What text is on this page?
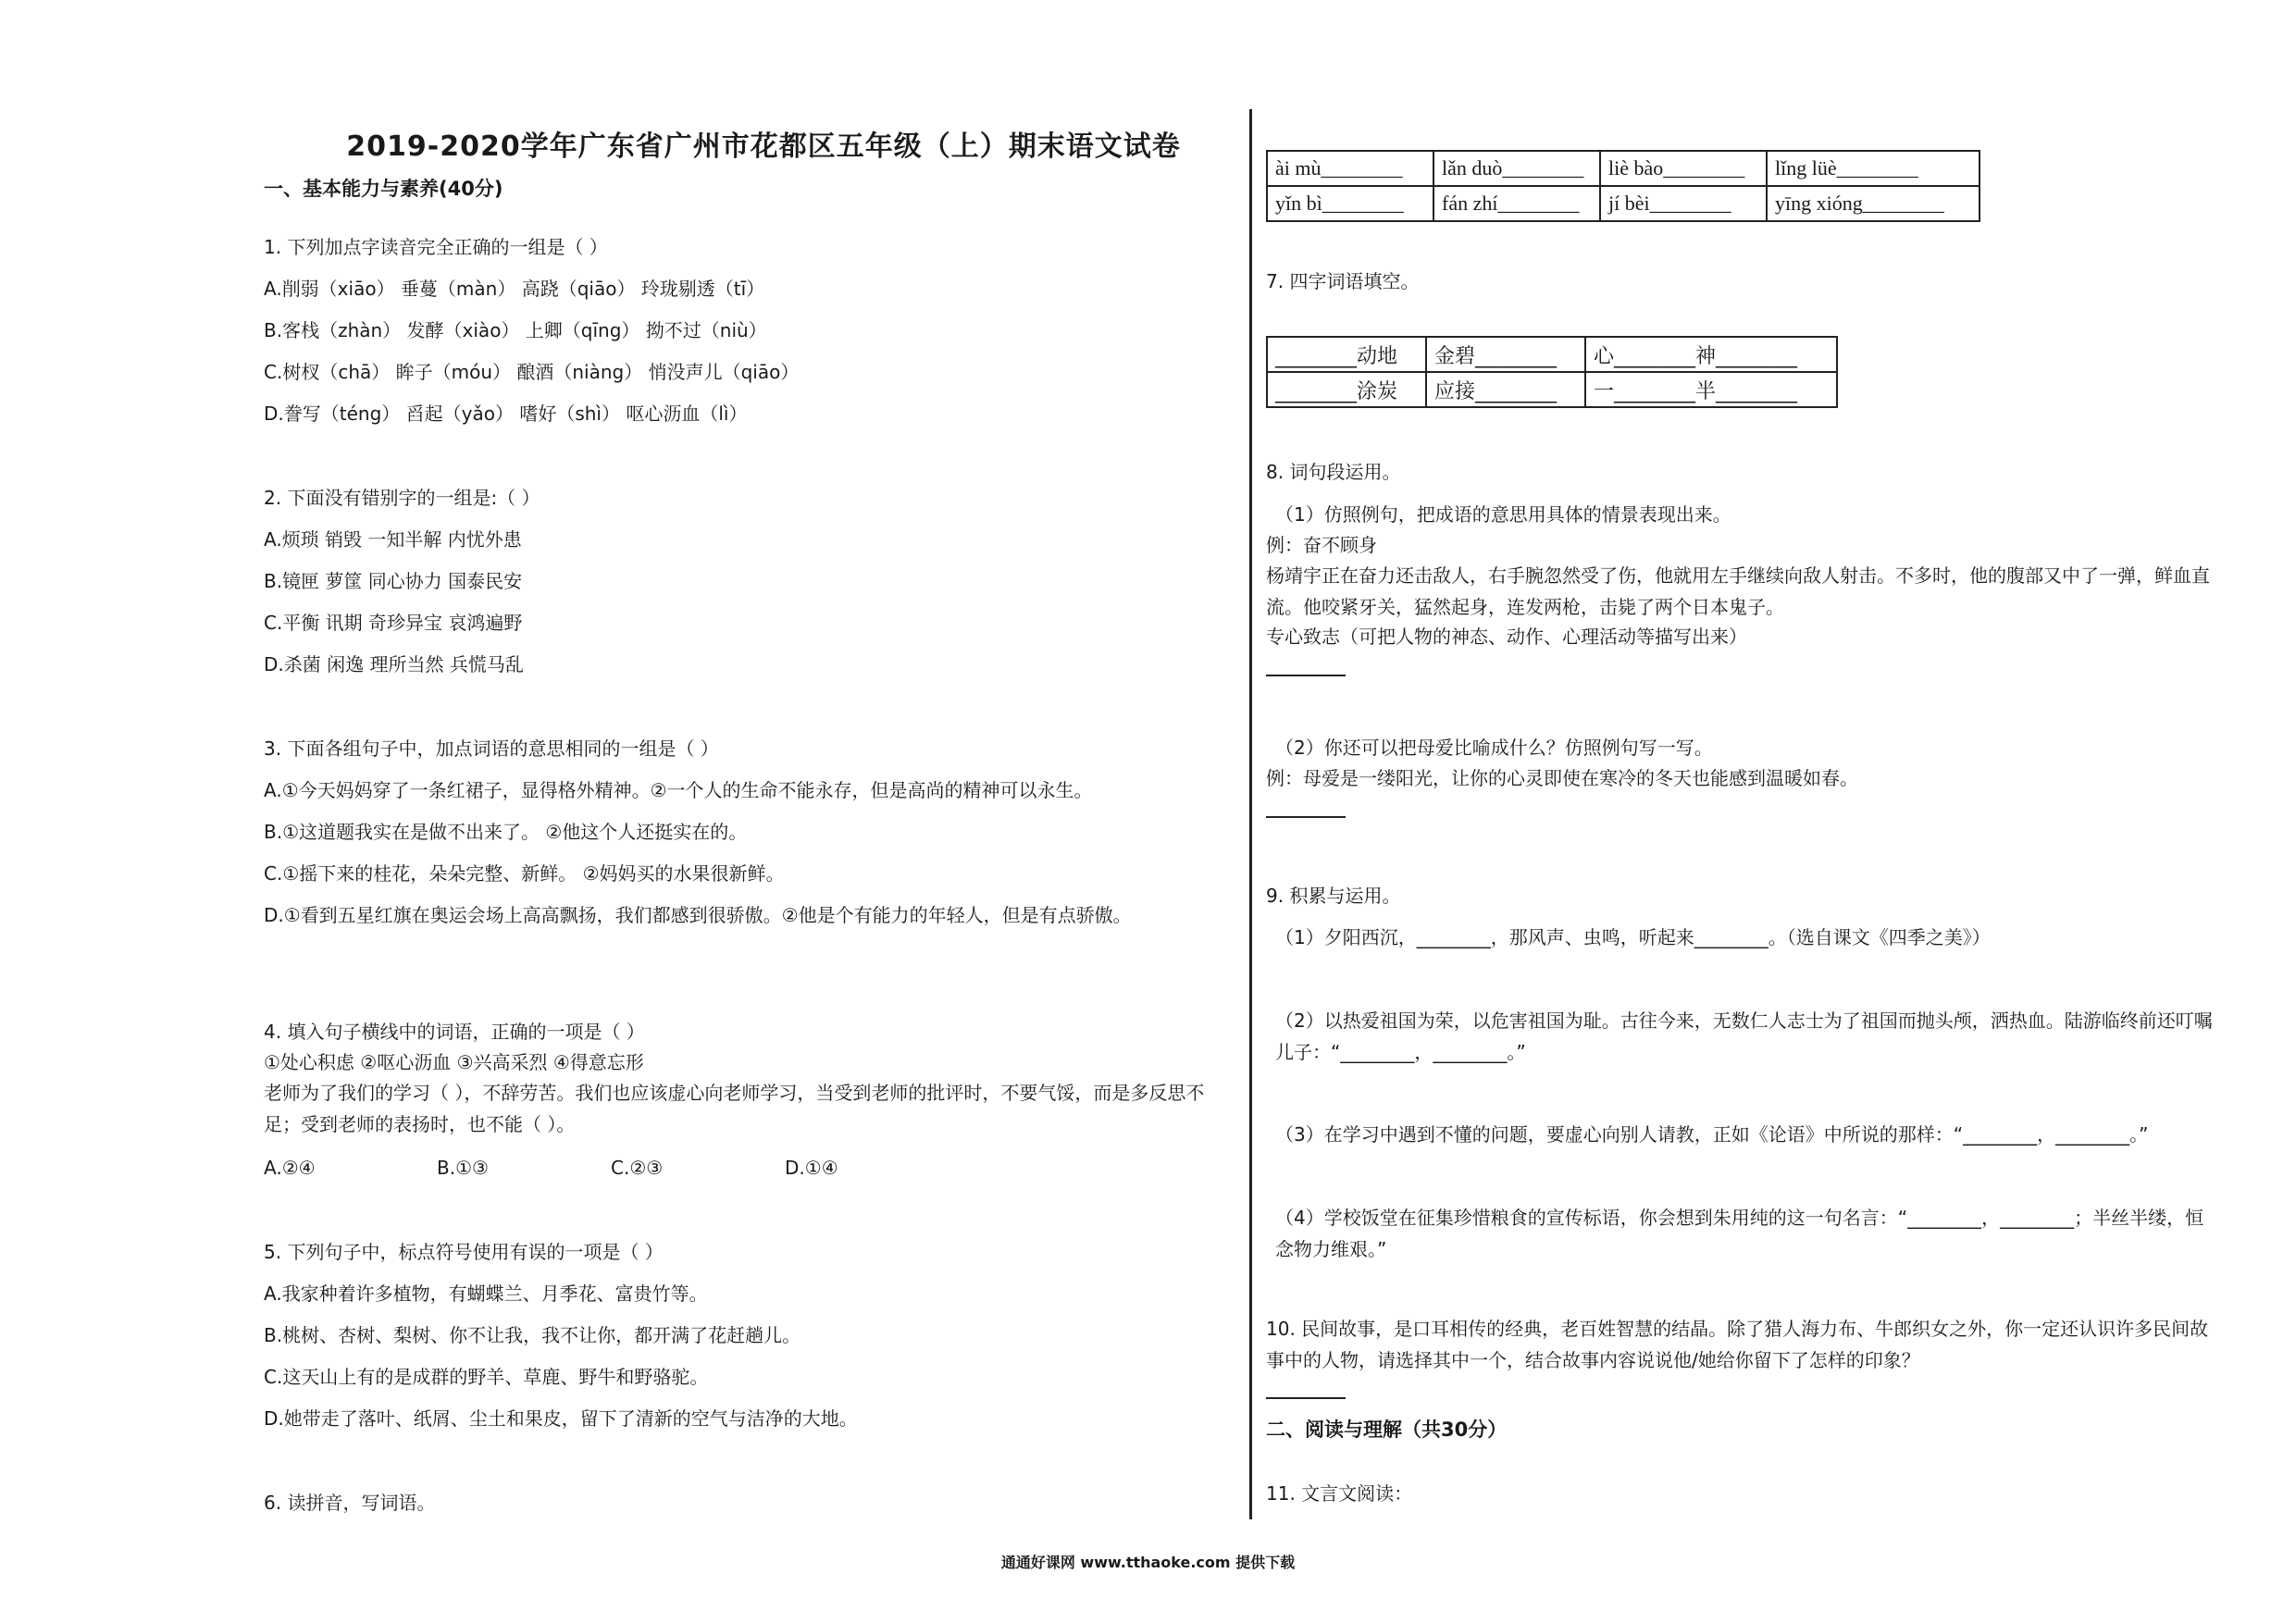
2019-2020学年广东省广州市花都区五年级（上）期末语文试卷
一、基本能力与素养(40分)
1. 下列加点字读音完全正确的一组是（ ）
A.削弱（xiāo） 垂蔓（màn） 高跷（qiāo） 玲珑剔透（tī）
B.客栈（zhàn） 发酵（xiào） 上卿（qīng） 拗不过（niù）
C.树杈（chā） 眸子（móu） 酿酒（niàng） 悄没声儿（qiāo）
D.誊写（téng） 舀起（yǎo） 嗜好（shì） 呕心沥血（lì）
2. 下面没有错别字的一组是:（ ）
A.烦琐 销毁 一知半解 内忧外患
B.镜匣 萝筐 同心协力 国泰民安
C.平衡 讯期 奇珍异宝 哀鸿遍野
D.杀菌 闲逸 理所当然 兵慌马乱
3. 下面各组句子中，加点词语的意思相同的一组是（ ）
A.①今天妈妈穿了一条红裙子，显得格外精神。②一个人的生命不能永存，但是高尚的精神可以永生。
B.①这道题我实在是做不出来了。 ②他这个人还挺实在的。
C.①摇下来的桂花，朵朵完整、新鲜。 ②妈妈买的水果很新鲜。
D.①看到五星红旗在奥运会场上高高飘扬，我们都感到很骄傲。②他是个有能力的年轻人，但是有点骄傲。
4. 填入句子横线中的词语，正确的一项是（ ）
①处心积虑 ②呕心沥血 ③兴高采烈 ④得意忘形
老师为了我们的学习（ ），不辞劳苦。我们也应该虚心向老师学习，当受到老师的批评时，不要气馁，而是多反思不足；受到老师的表扬时，也不能（ ）。
A.②④	B.①③	C.②③	D.①④
5. 下列句子中，标点符号使用有误的一项是（ ）
A.我家种着许多植物，有蝴蝶兰、月季花、富贵竹等。
B.桃树、杏树、梨树、你不让我，我不让你，都开满了花赶趟儿。
C.这天山上有的是成群的野羊、草鹿、野牛和野骆驼。
D.她带走了落叶、纸屑、尘土和果皮，留下了清新的空气与洁净的大地。
6. 读拼音，写词语。
ài mù________	lǎn duò________	liè bào________	lǐng lüè________
yǐn bì________	fán zhí________	jí bèi________	yīng xióng________
7. 四字词语填空。
________动地	金碧________	心________神________
________涂炭	应接________	一________半________
8. 词句段运用。
（1）仿照例句，把成语的意思用具体的情景表现出来。
例：奋不顾身
杨靖宇正在奋力还击敌人，右手腕忽然受了伤，他就用左手继续向敌人射击。不多时，他的腹部又中了一弹，鲜血直流。他咬紧牙关，猛然起身，连发两枪，击毙了两个日本鬼子。
专心致志（可把人物的神态、动作、心理活动等描写出来）
（2）你还可以把母爱比喻成什么？仿照例句写一写。
例：母爱是一缕阳光，让你的心灵即使在寒冷的冬天也能感到温暖如春。
9. 积累与运用。
（1）夕阳西沉，________，那风声、虫鸣，听起来________。（选自课文《四季之美》）
（2）以热爱祖国为荣，以危害祖国为耻。古往今来，无数仁人志士为了祖国而抛头颅，洒热血。陆游临终前还叮嘱儿子：“________，________。”
（3）在学习中遇到不懂的问题，要虚心向别人请教，正如《论语》中所说的那样：“________，________。”
（4）学校饭堂在征集珍惜粮食的宣传标语，你会想到朱用纯的这一句名言：“________，________；半丝半缕，恒念物力维艰。”
10. 民间故事，是口耳相传的经典，老百姓智慧的结晶。除了猎人海力布、牛郎织女之外，你一定还认识许多民间故事中的人物，请选择其中一个，结合故事内容说说他/她给你留下了怎样的印象？
二、阅读与理解（共30分）
11. 文言文阅读：
通通好课网 www.tthaoke.com 提供下载
